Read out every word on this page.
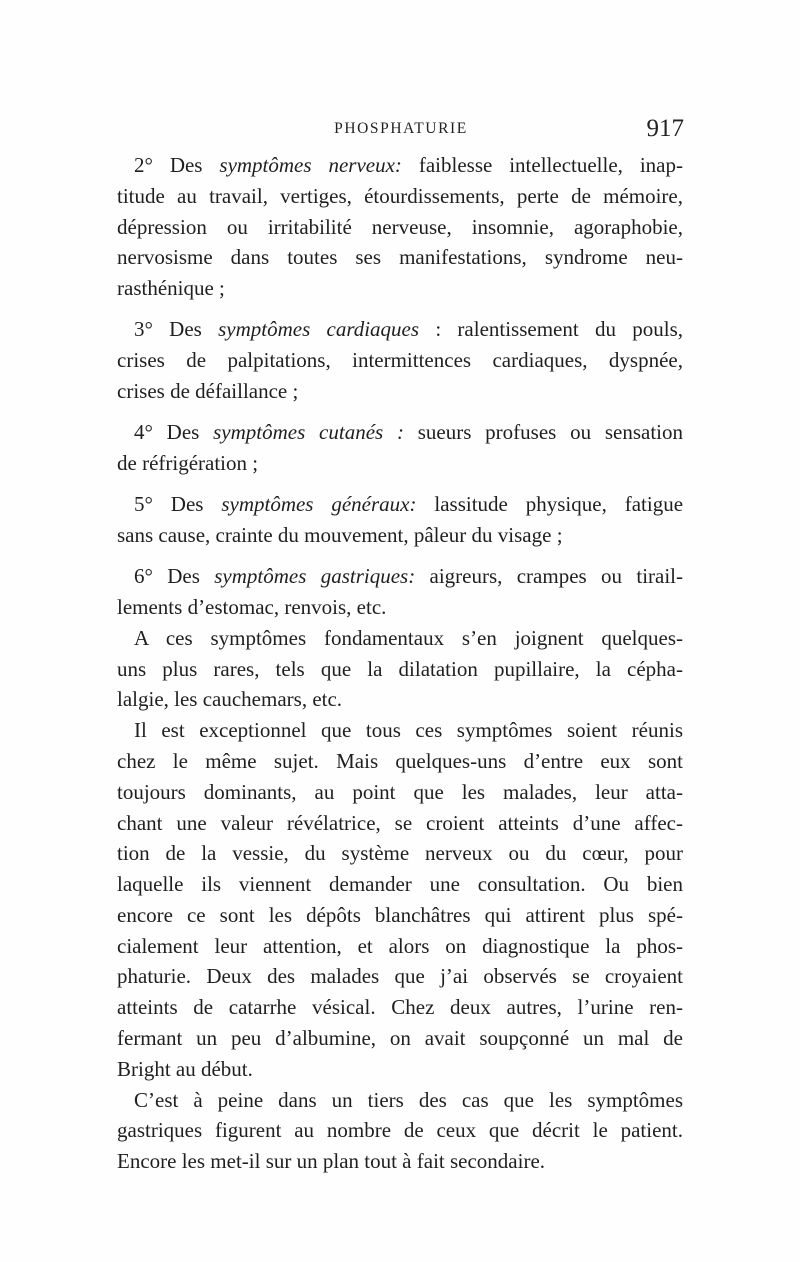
PHOSPHATURIE	917

2° Des symptômes nerveux: faiblesse intellectuelle, inap-
titude au travail, vertiges, étourdissements, perte de mémoire,
dépression ou irritabilité nerveuse, insomnie, agoraphobie,
nervosisme dans toutes ses manifestations, syndrome neu-
rasthénique ;

3° Des symptômes cardiaques : ralentissement du pouls,
crises de palpitations, intermittences cardiaques, dyspnée,
crises de défaillance ;

4° Des symptômes cutanés : sueurs profuses ou sensation
de réfrigération ;

5° Des symptômes généraux: lassitude physique, fatigue
sans cause, crainte du mouvement, pâleur du visage ;

6° Des symptômes gastriques: aigreurs, crampes ou tirail-
lements d’estomac, renvois, etc.

A ces symptômes fondamentaux s’en joignent quelques-
uns plus rares, tels que la dilatation pupillaire, la cépha-
lalgie, les cauchemars, etc.

Il est exceptionnel que tous ces symptômes soient réunis
chez le même sujet. Mais quelques-uns d’entre eux sont
toujours dominants, au point que les malades, leur atta-
chant une valeur révélatrice, se croient atteints d’une affec-
tion de la vessie, du système nerveux ou du cœur, pour
laquelle ils viennent demander une consultation. Ou bien
encore ce sont les dépôts blanchâtres qui attirent plus spé-
cialement leur attention, et alors on diagnostique la phos-
phaturie. Deux des malades que j’ai observés se croyaient
atteints de catarrhe vésical. Chez deux autres, l’urine ren-
fermant un peu d’albumine, on avait soupçonné un mal de
Bright au début.

C’est à peine dans un tiers des cas que les symptômes
gastriques figurent au nombre de ceux que décrit le patient.
Encore les met-il sur un plan tout à fait secondaire.
